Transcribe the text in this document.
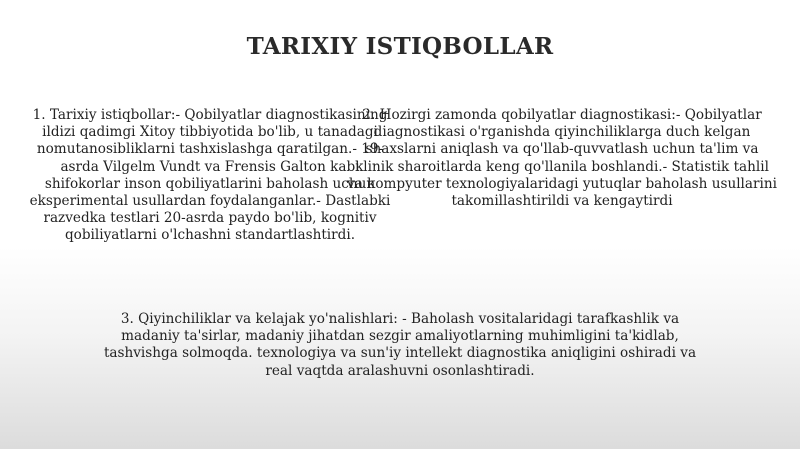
TARIXIY ISTIQBOLLAR

1. Tarixiy istiqbollar:- Qobilyatlar diagnostikasining ildizi qadimgi Xitoy tibbiyotida bo'lib, u tanadagi nomutanosibliklarni tashxislashga qaratilgan.- 19-asrda Vilgelm Vundt va Frensis Galton kabi shifokorlar inson qobiliyatlarini baholash uchun eksperimental usullardan foydalanganlar.- Dastlabki razvedka testlari 20-asrda paydo bo'lib, kognitiv qobiliyatlarni o'lchashni standartlashtirdi.

2. Hozirgi zamonda qobilyatlar diagnostikasi:- Qobilyatlar diagnostikasi o'rganishda qiyinchiliklarga duch kelgan shaxslarni aniqlash va qo'llab-quvvatlash uchun ta'lim va klinik sharoitlarda keng qo'llanila boshlandi.- Statistik tahlil va kompyuter texnologiyalaridagi yutuqlar baholash usullarini takomillashtirildi va kengaytirdi

3. Qiyinchiliklar va kelajak yo'nalishlari: - Baholash vositalaridagi tarafkashlik va madaniy ta'sirlar, madaniy jihatdan sezgir amaliyotlarning muhimligini ta'kidlab, tashvishga solmoqda. texnologiya va sun'iy intellekt diagnostika aniqligini oshiradi va real vaqtda aralashuvni osonlashtiradi.
